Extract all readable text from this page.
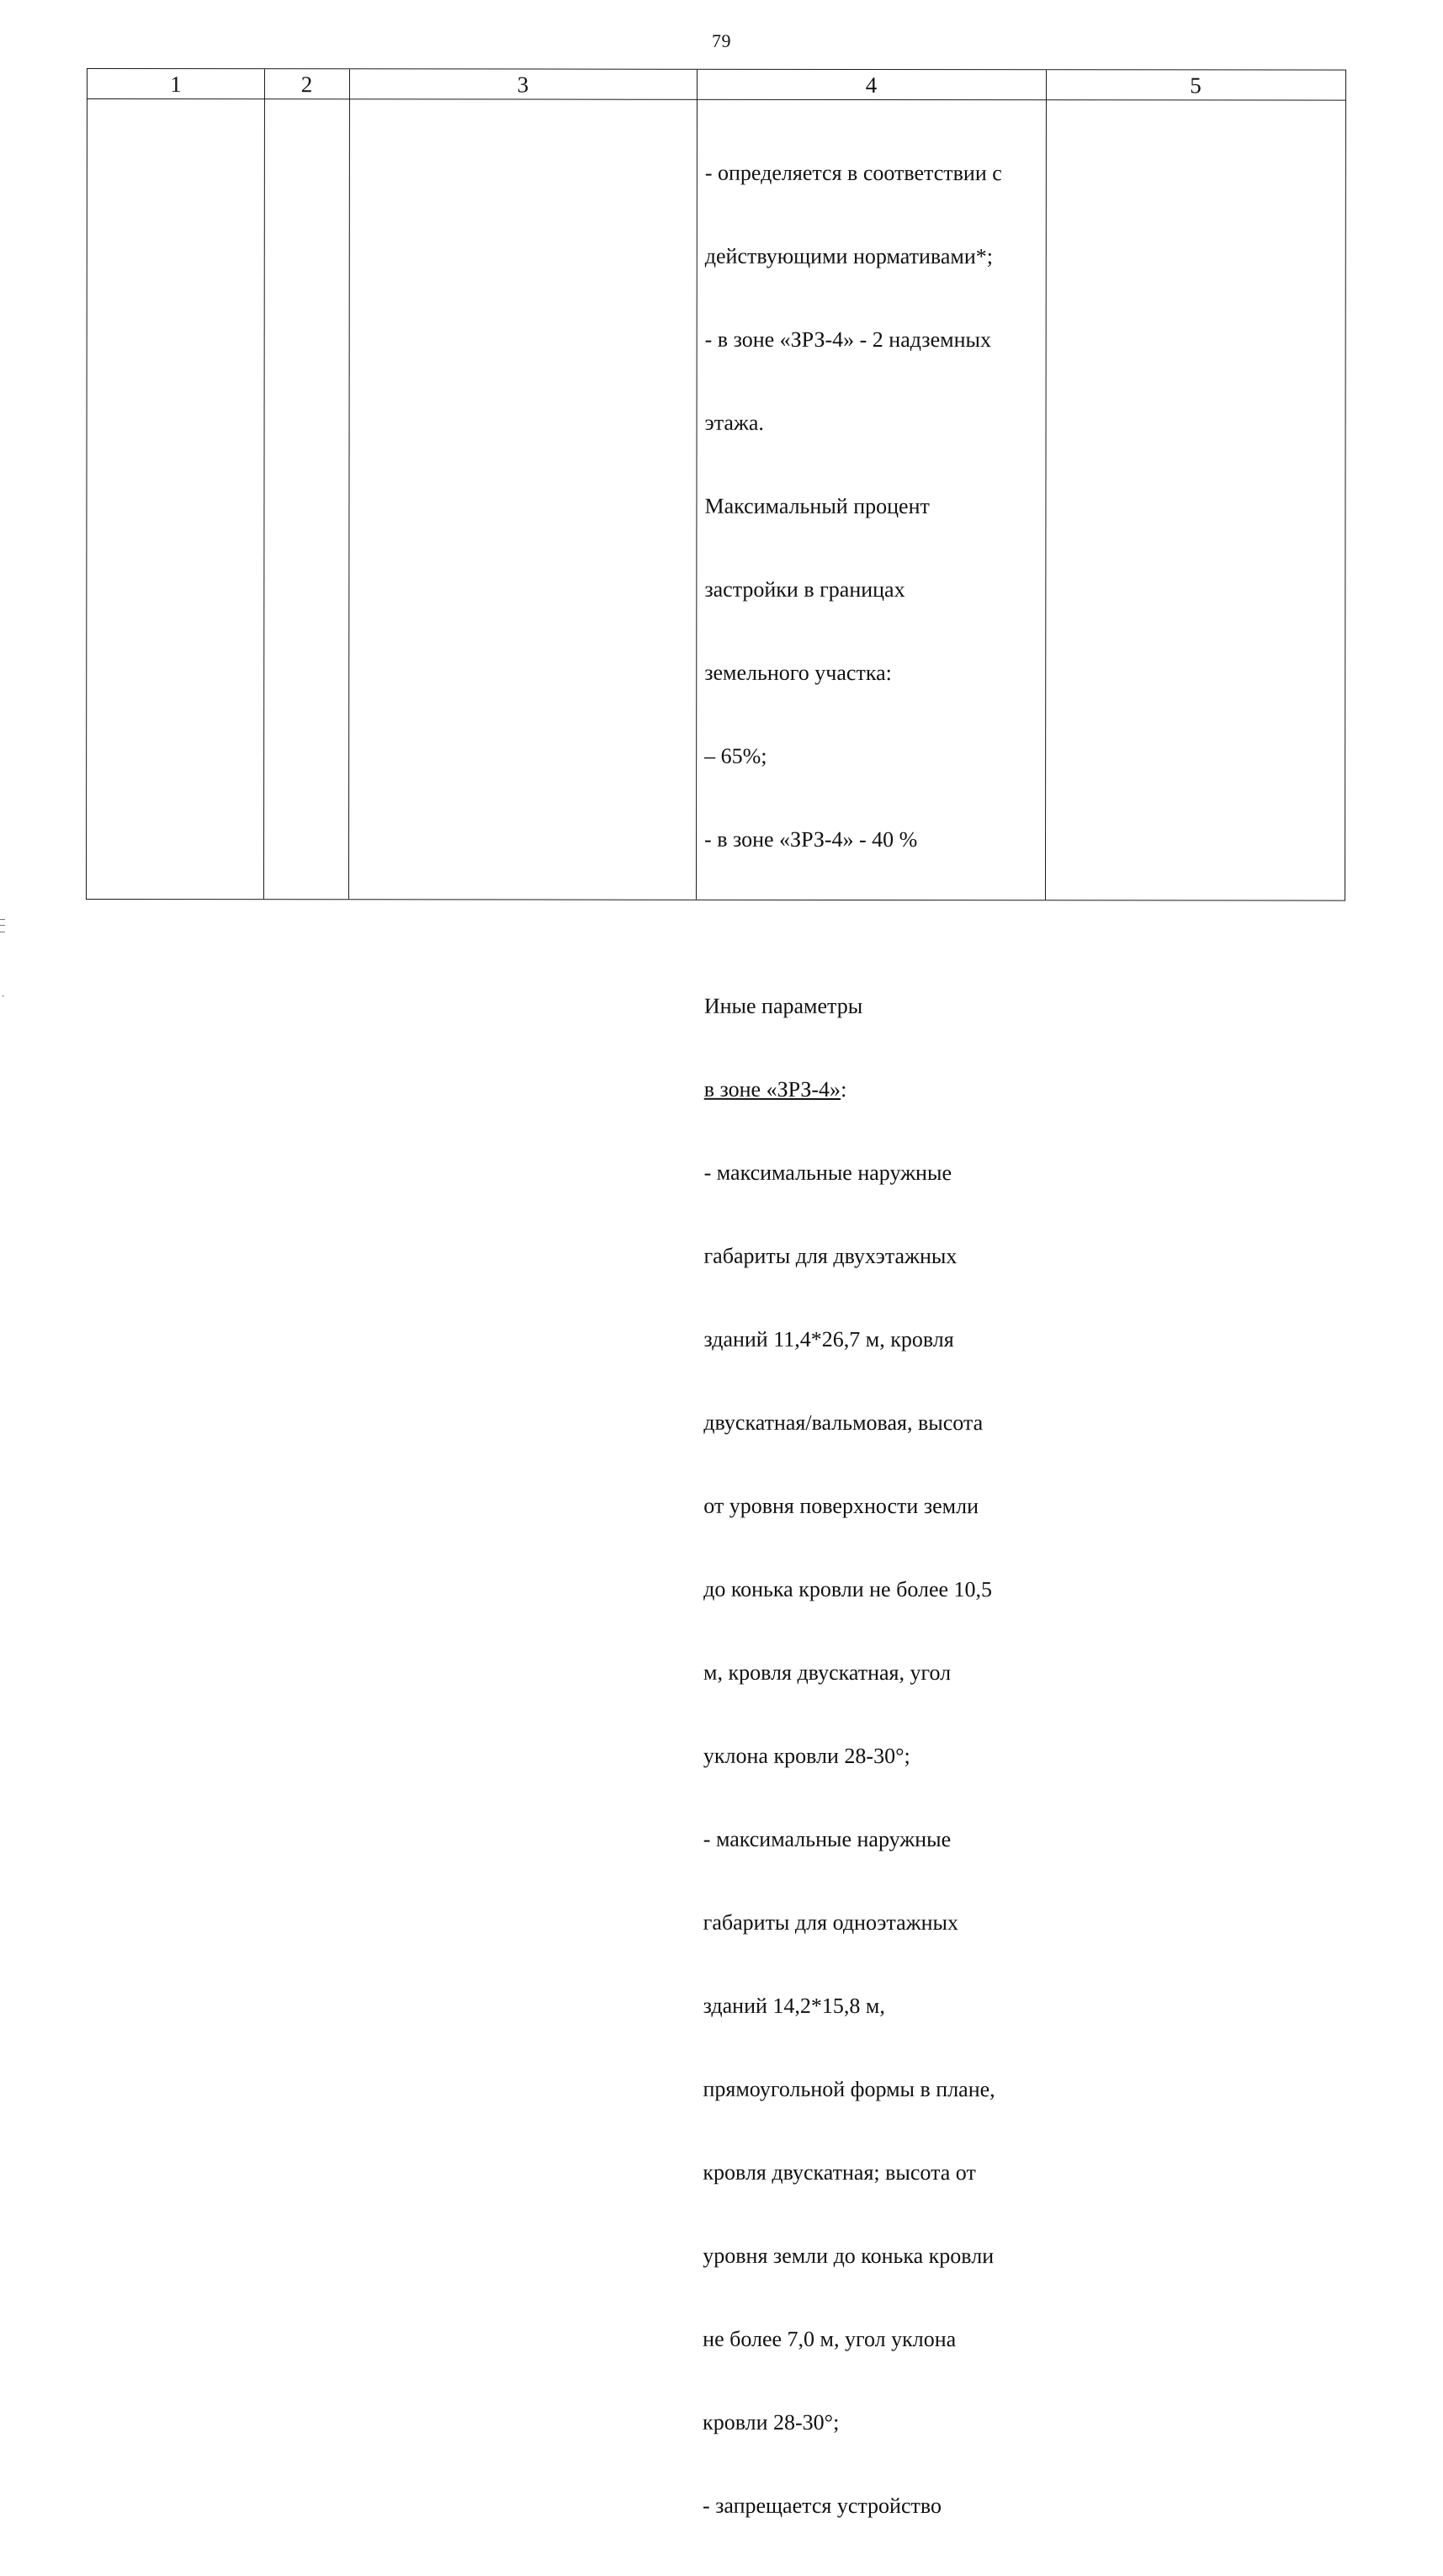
79
1	2	3	4	5

- определяется в соответствии с

действующими нормативами*;

- в зоне «ЗРЗ-4» - 2 надземных

этажа.

Максимальный процент

застройки в границах

земельного участка:

– 65%;

- в зоне «ЗРЗ-4» - 40 %

Иные параметры

в зоне «ЗРЗ-4»:

- максимальные наружные

габариты для двухэтажных

зданий 11,4*26,7 м, кровля

двускатная/вальмовая, высота

от уровня поверхности земли

до конька кровли не более 10,5

м, кровля двускатная, угол

уклона кровли 28-30°;

- максимальные наружные

габариты для одноэтажных

зданий 14,2*15,8 м,

прямоугольной формы в плане,

кровля двускатная; высота от

уровня земли до конька кровли

не более 7,0 м, угол уклона

кровли 28-30°;

- запрещается устройство
